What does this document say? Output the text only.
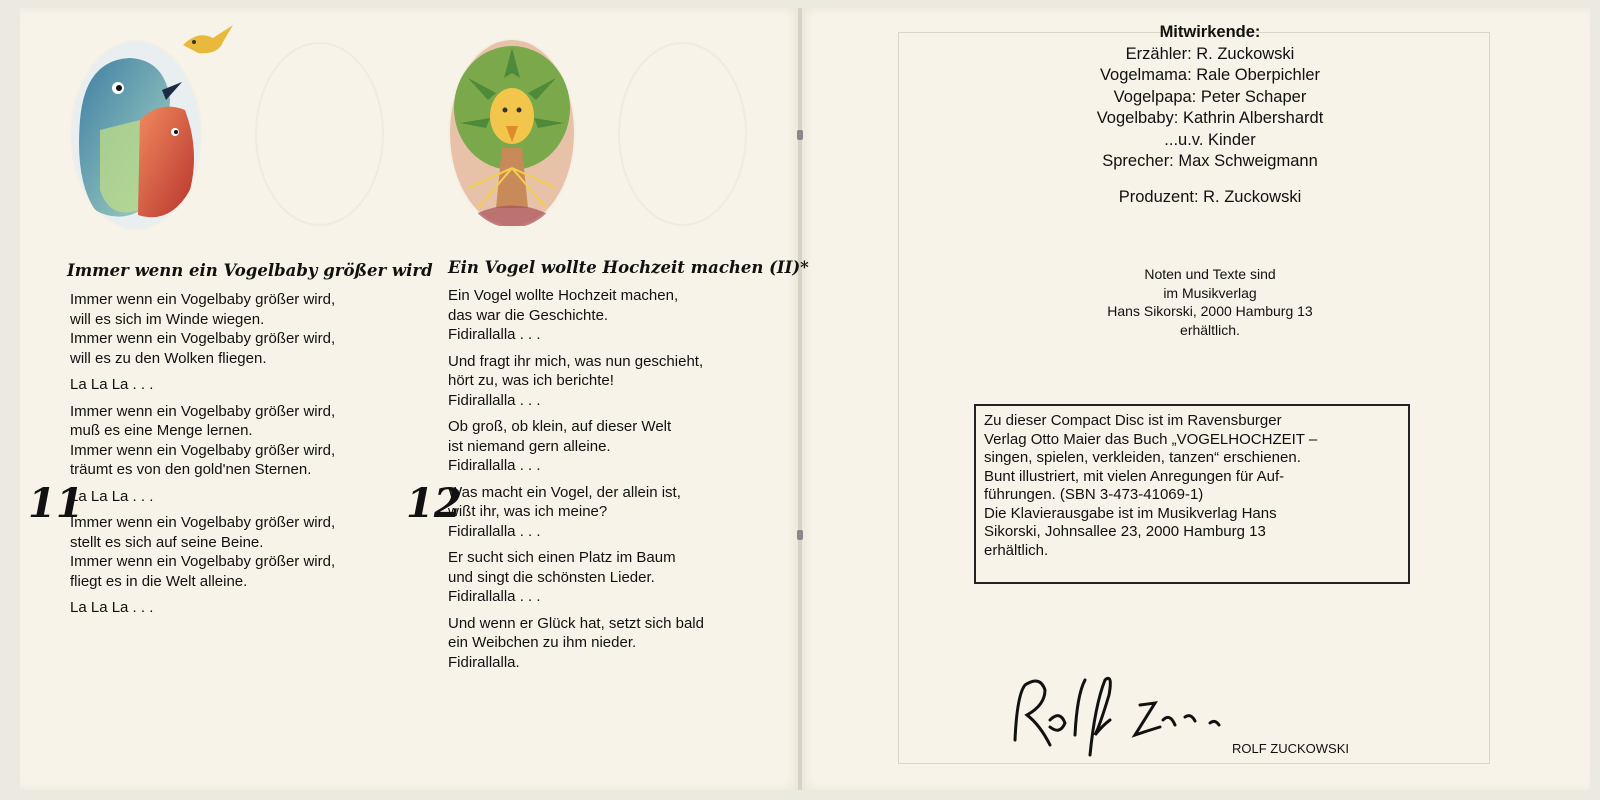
Immer wenn ein Vogelbaby größer wird
11
Immer wenn ein Vogelbaby größer wird,
will es sich im Winde wiegen.
Immer wenn ein Vogelbaby größer wird,
will es zu den Wolken fliegen.
La La La . . .
Immer wenn ein Vogelbaby größer wird,
muß es eine Menge lernen.
Immer wenn ein Vogelbaby größer wird,
träumt es von den gold'nen Sternen.
La La La . . .
Immer wenn ein Vogelbaby größer wird,
stellt es sich auf seine Beine.
Immer wenn ein Vogelbaby größer wird,
fliegt es in die Welt alleine.
La La La . . .
Ein Vogel wollte Hochzeit machen (II)*
12
Ein Vogel wollte Hochzeit machen,
das war die Geschichte.
Fidirallalla . . .
Und fragt ihr mich, was nun geschieht,
hört zu, was ich berichte!
Fidirallalla . . .
Ob groß, ob klein, auf dieser Welt
ist niemand gern alleine.
Fidirallalla . . .
Was macht ein Vogel, der allein ist,
wißt ihr, was ich meine?
Fidirallalla . . .
Er sucht sich einen Platz im Baum
und singt die schönsten Lieder.
Fidirallalla . . .
Und wenn er Glück hat, setzt sich bald
ein Weibchen zu ihm nieder.
Fidirallalla.
Mitwirkende:
Erzähler: R. Zuckowski
Vogelmama: Rale Oberpichler
Vogelpapa: Peter Schaper
Vogelbaby: Kathrin Albershardt
...u.v. Kinder
Sprecher: Max Schweigmann
Produzent: R. Zuckowski
Noten und Texte sind
im Musikverlag
Hans Sikorski, 2000 Hamburg 13
erhältlich.
Zu dieser Compact Disc ist im Ravensburger
Verlag Otto Maier das Buch „VOGELHOCHZEIT –
singen, spielen, verkleiden, tanzen“ erschienen.
Bunt illustriert, mit vielen Anregungen für Auf-
führungen. (SBN 3-473-41069-1)
Die Klavierausgabe ist im Musikverlag Hans
Sikorski, Johnsallee 23, 2000 Hamburg 13
erhältlich.
ROLF ZUCKOWSKI
